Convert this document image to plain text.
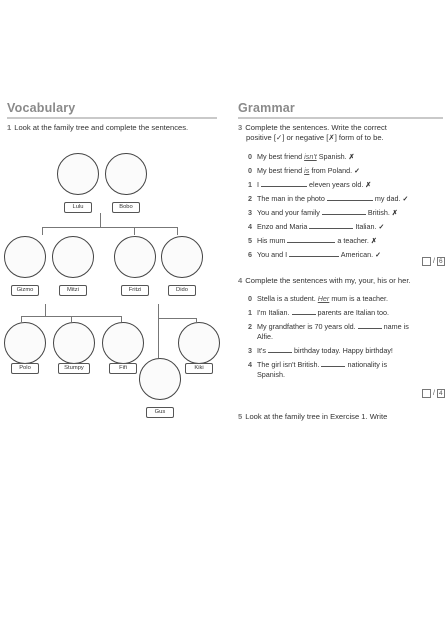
Vocabulary
1 Look at the family tree and complete the sentences.
Lulu	Bobo
Gizmo	Mitzi	Fritzi	Dido
Polo	Stumpy	Fifi	Kiki
Gus
Grammar
3 Complete the sentences. Write the correct
positive [✓] or negative [✗] form of to be.
0 My best friend isn't Spanish. ✗
0 My best friend is from Poland. ✓
1 I	eleven years old. ✗
2 The man in the photo	my dad. ✓
3 You and your family	British. ✗
4 Enzo and Maria	Italian. ✓
5 His mum	a teacher. ✗
6 You and I	American. ✓
/ 6
4 Complete the sentences with my, your, his or her.
0 Stella is a student. Her mum is a teacher.
1 I'm Italian.	parents are Italian too.
2 My grandfather is 70 years old.	name is
Alfie.
3 It's	birthday today. Happy birthday!
4 The girl isn't British.	nationality is
Spanish.
/ 4
5 Look at the family tree in Exercise 1. Write
